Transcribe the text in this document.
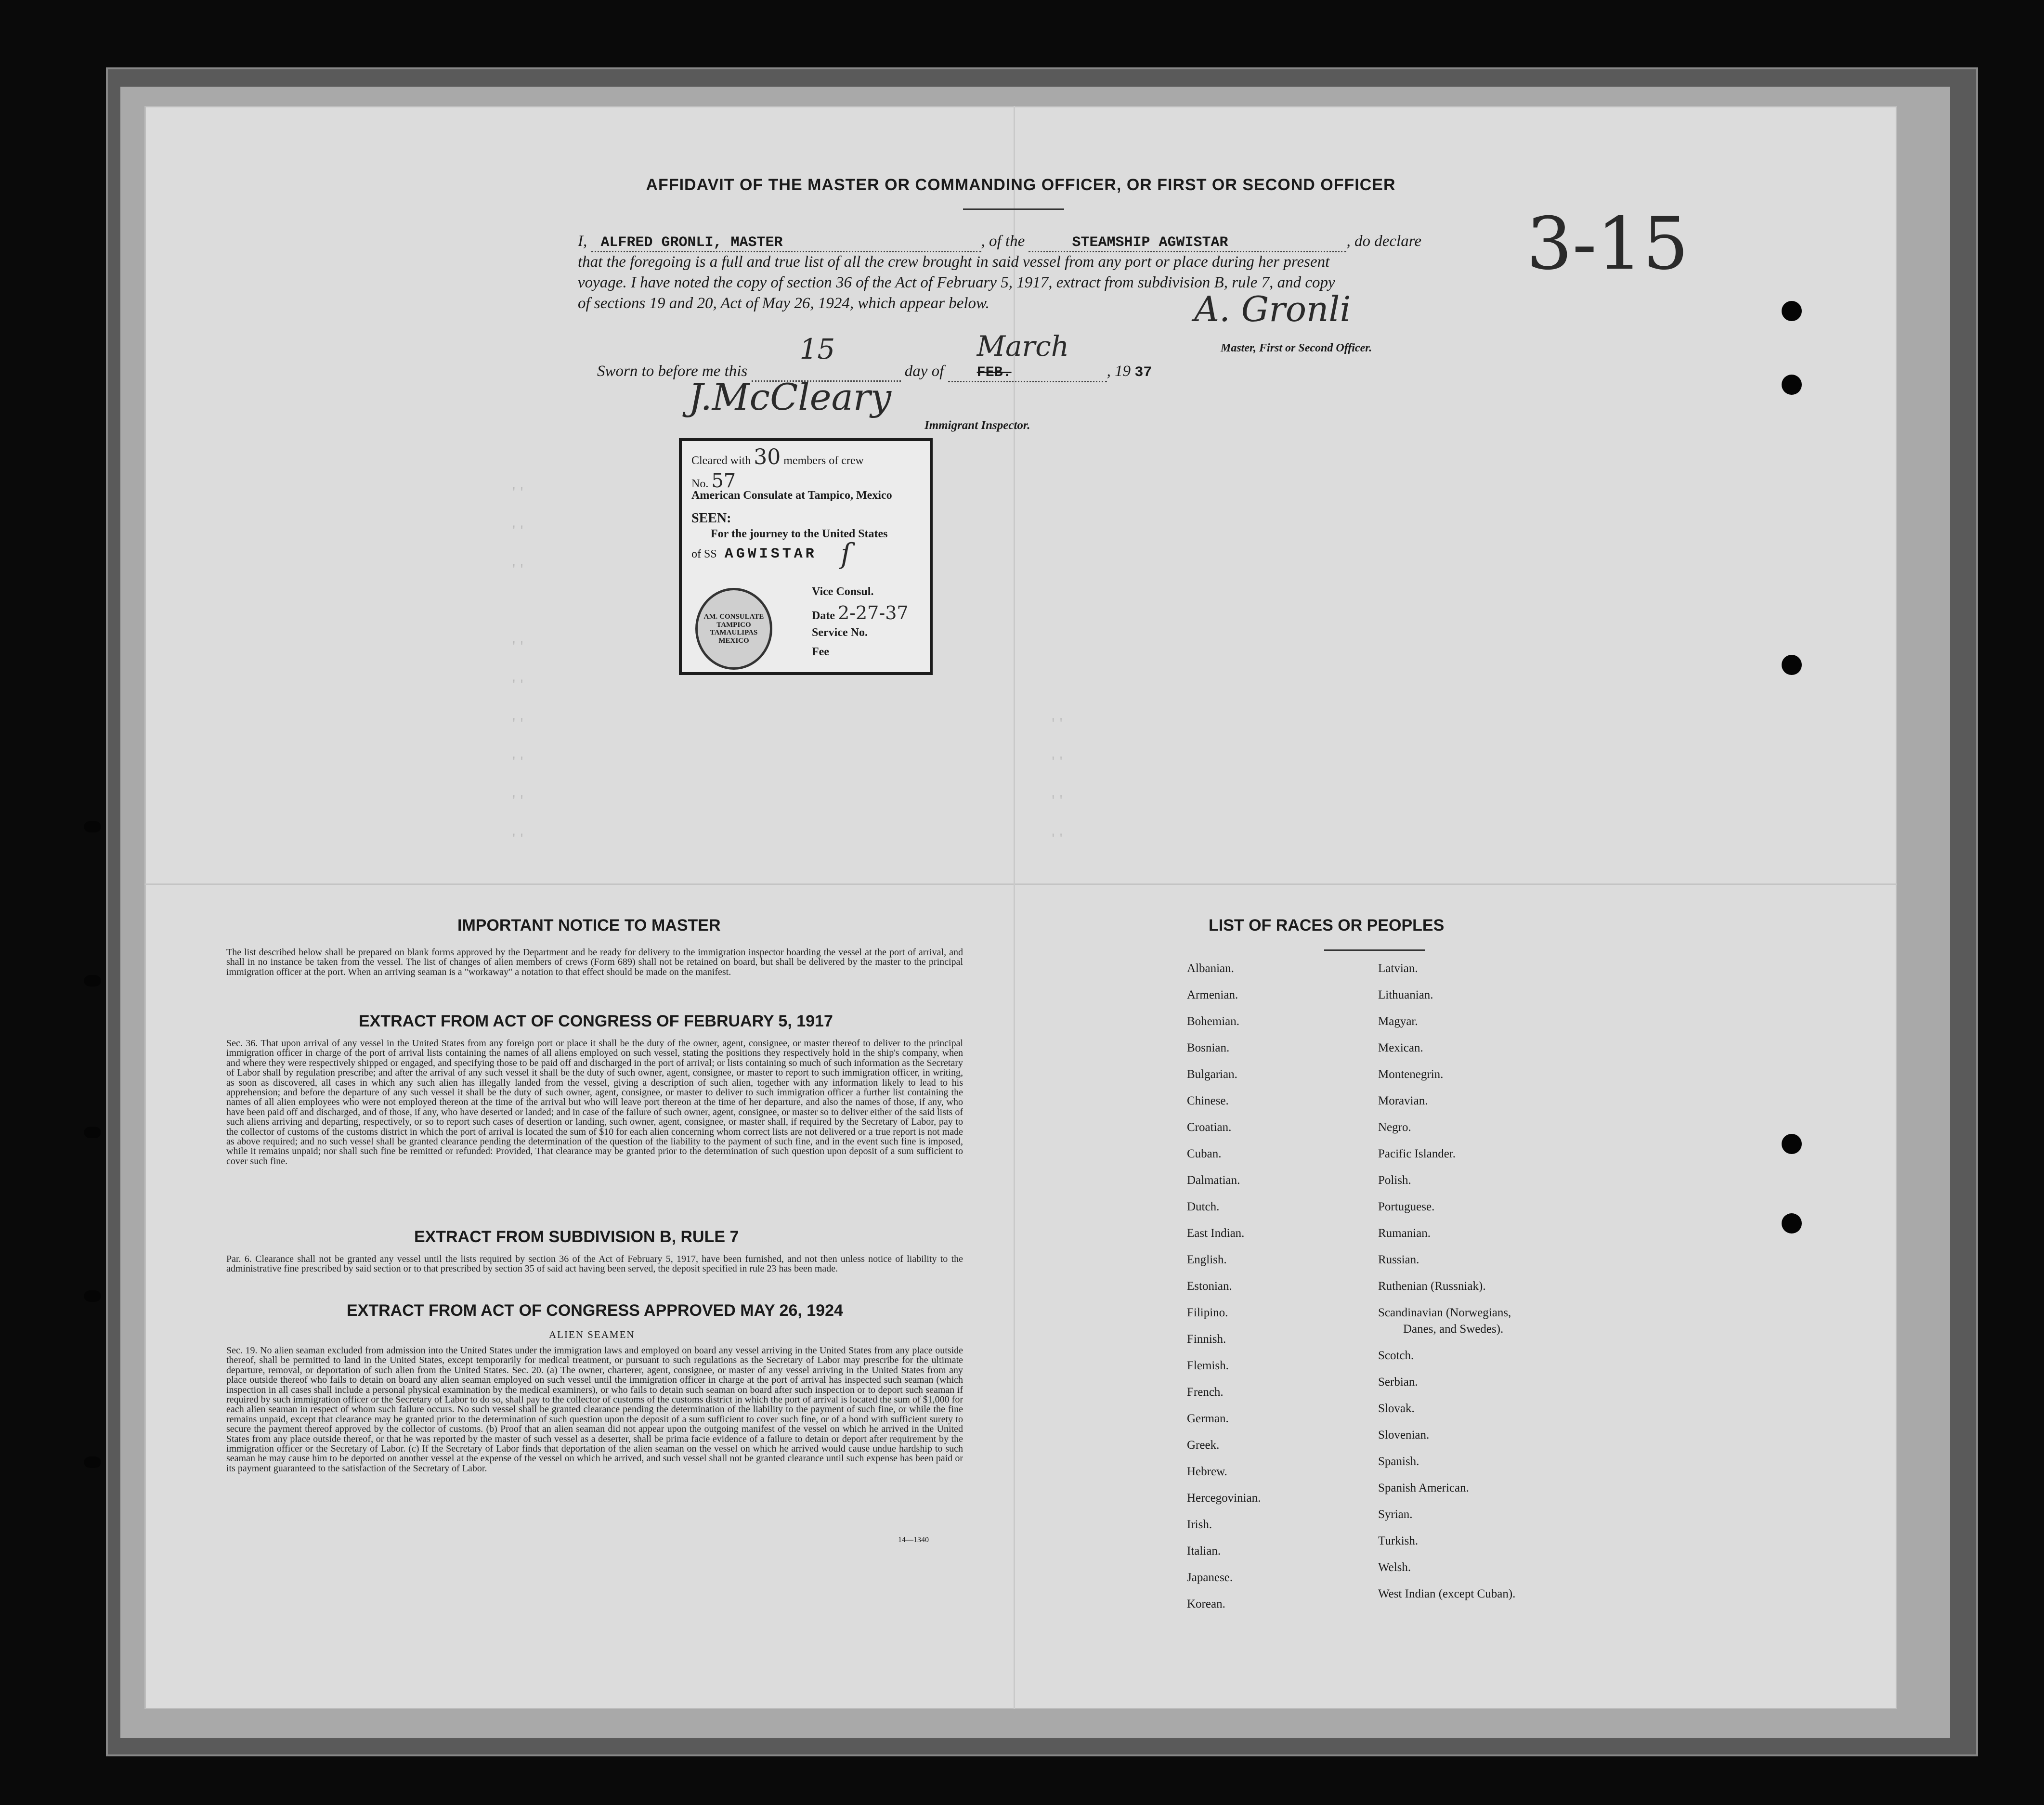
''
''
''
''
''
''
''
''
''
''
''
''
''
AFFIDAVIT OF THE MASTER OR COMMANDING OFFICER, OR FIRST OR SECOND OFFICER
I, ALFRED GRONLI, MASTER	, of the	STEAMSHIP AGWISTAR	, do declare
that the foregoing is a full and true list of all the crew brought in said vessel from any port or place during her present
voyage. I have noted the copy of section 36 of the Act of February 5, 1917, extract from subdivision B, rule 7, and copy
of sections 19 and 20, Act of May 26, 1924, which appear below.	A. Gronli
Master, First or Second Officer.
Sworn to before me this
15
day of
March
FEB.	, 19 37
J.McCleary
Immigrant Inspector.
3-15
Cleared with 30 members of crew
No. 57
American Consulate at Tampico, Mexico
SEEN:
For the journey to the United States
of SS AGWISTAR ſ
Vice Consul.
Date 2-27-37
Service No.
Fee
AM. CONSULATE TAMPICO TAMAULIPAS MEXICO
IMPORTANT NOTICE TO MASTER
The list described below shall be prepared on blank forms approved by the Department and be ready for delivery to the immigration inspector boarding the vessel at the port of arrival, and shall in no instance be taken from the vessel. The list of changes of alien members of crews (Form 689) shall not be retained on board, but shall be delivered by the master to the principal immigration officer at the port. When an arriving seaman is a "workaway" a notation to that effect should be made on the manifest.
EXTRACT FROM ACT OF CONGRESS OF FEBRUARY 5, 1917
Sec. 36. That upon arrival of any vessel in the United States from any foreign port or place it shall be the duty of the owner, agent, consignee, or master thereof to deliver to the principal immigration officer in charge of the port of arrival lists containing the names of all aliens employed on such vessel, stating the positions they respectively hold in the ship's company, when and where they were respectively shipped or engaged, and specifying those to be paid off and discharged in the port of arrival; or lists containing so much of such information as the Secretary of Labor shall by regulation prescribe; and after the arrival of any such vessel it shall be the duty of such owner, agent, consignee, or master to report to such immigration officer, in writing, as soon as discovered, all cases in which any such alien has illegally landed from the vessel, giving a description of such alien, together with any information likely to lead to his apprehension; and before the departure of any such vessel it shall be the duty of such owner, agent, consignee, or master to deliver to such immigration officer a further list containing the names of all alien employees who were not employed thereon at the time of the arrival but who will leave port thereon at the time of her departure, and also the names of those, if any, who have been paid off and discharged, and of those, if any, who have deserted or landed; and in case of the failure of such owner, agent, consignee, or master so to deliver either of the said lists of such aliens arriving and departing, respectively, or so to report such cases of desertion or landing, such owner, agent, consignee, or master shall, if required by the Secretary of Labor, pay to the collector of customs of the customs district in which the port of arrival is located the sum of $10 for each alien concerning whom correct lists are not delivered or a true report is not made as above required; and no such vessel shall be granted clearance pending the determination of the question of the liability to the payment of such fine, and in the event such fine is imposed, while it remains unpaid; nor shall such fine be remitted or refunded: Provided, That clearance may be granted prior to the determination of such question upon deposit of a sum sufficient to cover such fine.
EXTRACT FROM SUBDIVISION B, RULE 7
Par. 6. Clearance shall not be granted any vessel until the lists required by section 36 of the Act of February 5, 1917, have been furnished, and not then unless notice of liability to the administrative fine prescribed by said section or to that prescribed by section 35 of said act having been served, the deposit specified in rule 23 has been made.
EXTRACT FROM ACT OF CONGRESS APPROVED MAY 26, 1924
ALIEN SEAMEN
Sec. 19. No alien seaman excluded from admission into the United States under the immigration laws and employed on board any vessel arriving in the United States from any place outside thereof, shall be permitted to land in the United States, except temporarily for medical treatment, or pursuant to such regulations as the Secretary of Labor may prescribe for the ultimate departure, removal, or deportation of such alien from the United States. Sec. 20. (a) The owner, charterer, agent, consignee, or master of any vessel arriving in the United States from any place outside thereof who fails to detain on board any alien seaman employed on such vessel until the immigration officer in charge at the port of arrival has inspected such seaman (which inspection in all cases shall include a personal physical examination by the medical examiners), or who fails to detain such seaman on board after such inspection or to deport such seaman if required by such immigration officer or the Secretary of Labor to do so, shall pay to the collector of customs of the customs district in which the port of arrival is located the sum of $1,000 for each alien seaman in respect of whom such failure occurs. No such vessel shall be granted clearance pending the determination of the liability to the payment of such fine, or while the fine remains unpaid, except that clearance may be granted prior to the determination of such question upon the deposit of a sum sufficient to cover such fine, or of a bond with sufficient surety to secure the payment thereof approved by the collector of customs. (b) Proof that an alien seaman did not appear upon the outgoing manifest of the vessel on which he arrived in the United States from any place outside thereof, or that he was reported by the master of such vessel as a deserter, shall be prima facie evidence of a failure to detain or deport after requirement by the immigration officer or the Secretary of Labor. (c) If the Secretary of Labor finds that deportation of the alien seaman on the vessel on which he arrived would cause undue hardship to such seaman he may cause him to be deported on another vessel at the expense of the vessel on which he arrived, and such vessel shall not be granted clearance until such expense has been paid or its payment guaranteed to the satisfaction of the Secretary of Labor.
14—1340
LIST OF RACES OR PEOPLES
Albanian.
Armenian.
Bohemian.
Bosnian.
Bulgarian.
Chinese.
Croatian.
Cuban.
Dalmatian.
Dutch.
East Indian.
English.
Estonian.
Filipino.
Finnish.
Flemish.
French.
German.
Greek.
Hebrew.
Hercegovinian.
Irish.
Italian.
Japanese.
Korean.
Latvian.
Lithuanian.
Magyar.
Mexican.
Montenegrin.
Moravian.
Negro.
Pacific Islander.
Polish.
Portuguese.
Rumanian.
Russian.
Ruthenian (Russniak).
Scandinavian (Norwegians,
Danes, and Swedes).
Scotch.
Serbian.
Slovak.
Slovenian.
Spanish.
Spanish American.
Syrian.
Turkish.
Welsh.
West Indian (except Cuban).
